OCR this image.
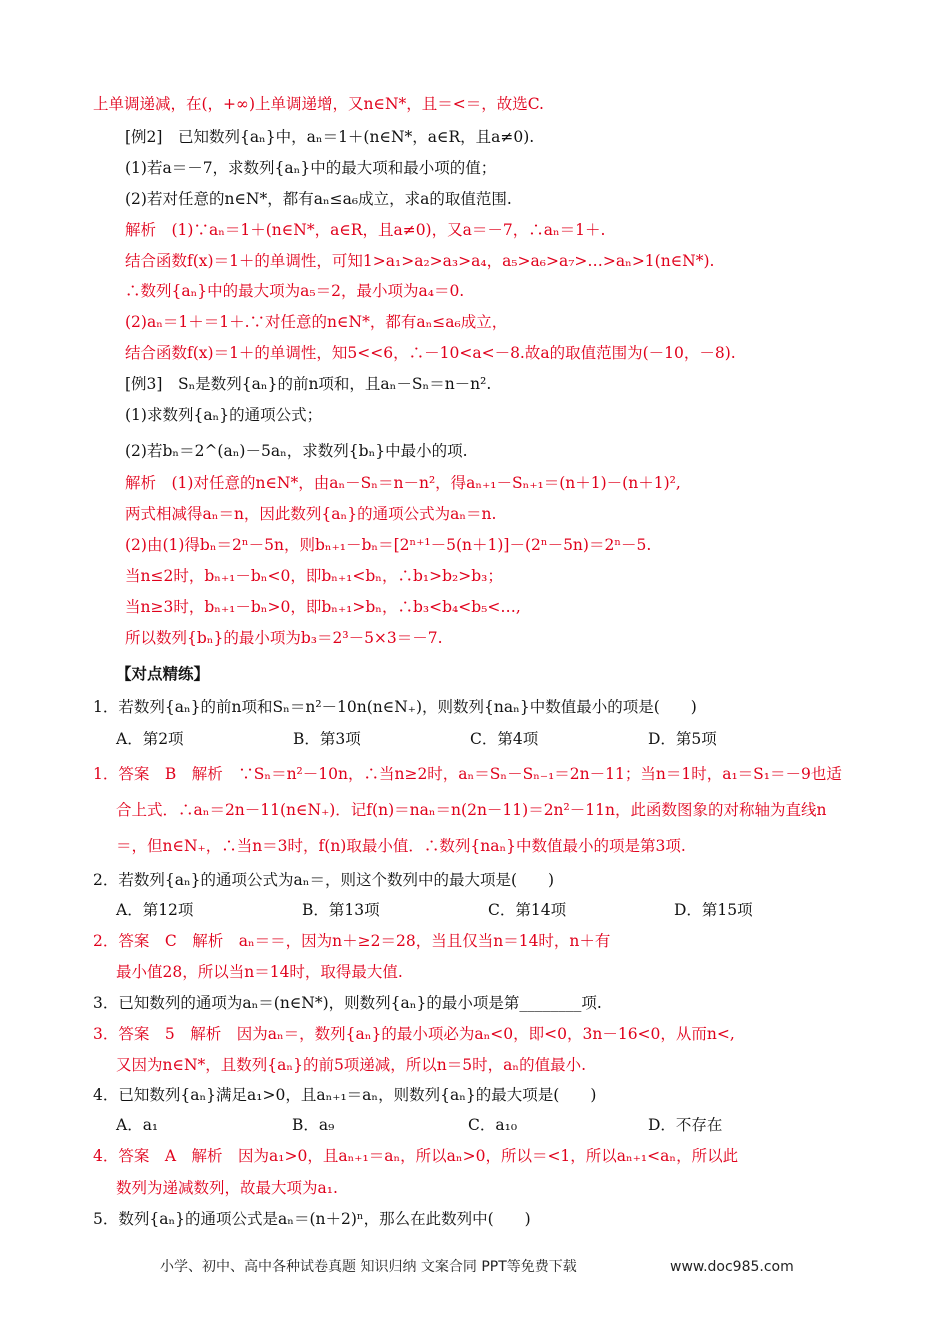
上单调递减，在(，+∞)上单调递增，又n∈N*，且＝<＝，故选C.
[例2]　已知数列{aₙ}中，aₙ＝1＋(n∈N*，a∈R，且a≠0).
(1)若a＝－7，求数列{aₙ}中的最大项和最小项的值；
(2)若对任意的n∈N*，都有aₙ≤a₆成立，求a的取值范围.
解析　(1)∵aₙ＝1＋(n∈N*，a∈R，且a≠0)，又a＝－7，∴aₙ＝1＋.
结合函数f(x)＝1＋的单调性，可知1>a₁>a₂>a₃>a₄，a₅>a₆>a₇>…>aₙ>1(n∈N*).
∴数列{aₙ}中的最大项为a₅＝2，最小项为a₄＝0.
(2)aₙ＝1＋＝1＋.∵对任意的n∈N*，都有aₙ≤a₆成立，
结合函数f(x)＝1＋的单调性，知5<<6，∴－10<a<－8.故a的取值范围为(－10，－8).
[例3]　Sₙ是数列{aₙ}的前n项和，且aₙ－Sₙ＝n－n².
(1)求数列{aₙ}的通项公式；
(2)若bₙ＝2^(aₙ)－5aₙ，求数列{bₙ}中最小的项.
解析　(1)对任意的n∈N*，由aₙ－Sₙ＝n－n²，得aₙ₊₁－Sₙ₊₁＝(n＋1)－(n＋1)²,
两式相减得aₙ＝n，因此数列{aₙ}的通项公式为aₙ＝n.
(2)由(1)得bₙ＝2ⁿ－5n，则bₙ₊₁－bₙ＝[2ⁿ⁺¹－5(n＋1)]－(2ⁿ－5n)＝2ⁿ－5.
当n≤2时，bₙ₊₁－bₙ<0，即bₙ₊₁<bₙ，∴b₁>b₂>b₃；
当n≥3时，bₙ₊₁－bₙ>0，即bₙ₊₁>bₙ，∴b₃<b₄<b₅<…,
所以数列{bₙ}的最小项为b₃＝2³－5×3＝－7.
【对点精练】
1．若数列{aₙ}的前n项和Sₙ＝n²－10n(n∈N₊)，则数列{naₙ}中数值最小的项是(　　)
A．第2项	B．第3项	C．第4项	D．第5项
1．答案　B　解析　∵Sₙ＝n²－10n，∴当n≥2时，aₙ＝Sₙ－Sₙ₋₁＝2n－11；当n＝1时，a₁＝S₁＝－9也适
合上式．∴aₙ＝2n－11(n∈N₊)．记f(n)＝naₙ＝n(2n－11)＝2n²－11n，此函数图象的对称轴为直线n
＝，但n∈N₊，∴当n＝3时，f(n)取最小值．∴数列{naₙ}中数值最小的项是第3项.
2．若数列{aₙ}的通项公式为aₙ＝，则这个数列中的最大项是(　　)
A．第12项	B．第13项	C．第14项	D．第15项
2．答案　C　解析　aₙ＝＝，因为n＋≥2＝28，当且仅当n＝14时，n＋有
最小值28，所以当n＝14时，取得最大值.
3．已知数列的通项为aₙ＝(n∈N*)，则数列{aₙ}的最小项是第________项.
3．答案　5　解析　因为aₙ＝，数列{aₙ}的最小项必为aₙ<0，即<0，3n－16<0，从而n<,
又因为n∈N*，且数列{aₙ}的前5项递减，所以n＝5时，aₙ的值最小.
4．已知数列{aₙ}满足a₁>0，且aₙ₊₁＝aₙ，则数列{aₙ}的最大项是(　　)
A．a₁	B．a₉	C．a₁₀	D．不存在
4．答案　A　解析　因为a₁>0，且aₙ₊₁＝aₙ，所以aₙ>0，所以＝<1，所以aₙ₊₁<aₙ，所以此
数列为递减数列，故最大项为a₁.
5．数列{aₙ}的通项公式是aₙ＝(n＋2)ⁿ，那么在此数列中(　　)
小学、初中、高中各种试卷真题 知识归纳 文案合同 PPT等免费下载	www.doc985.com
